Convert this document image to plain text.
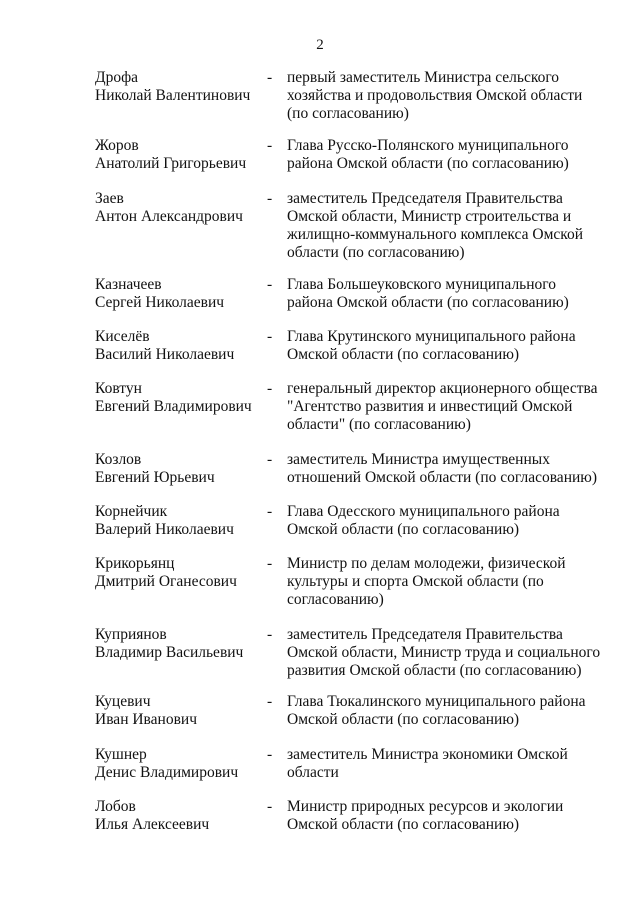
2
Дрофа
Николай Валентинович
- первый заместитель Министра сельского хозяйства и продовольствия Омской области (по согласованию)
Жоров
Анатолий Григорьевич
- Глава Русско-Полянского муниципального района Омской области (по согласованию)
Заев
Антон Александрович
- заместитель Председателя Правительства Омской области, Министр строительства и жилищно-коммунального комплекса Омской области (по согласованию)
Казначеев
Сергей Николаевич
- Глава Большеуковского муниципального района Омской области (по согласованию)
Киселёв
Василий Николаевич
- Глава Крутинского муниципального района Омской области (по согласованию)
Ковтун
Евгений Владимирович
- генеральный директор акционерного общества "Агентство развития и инвестиций Омской области" (по согласованию)
Козлов
Евгений Юрьевич
- заместитель Министра имущественных отношений Омской области (по согласованию)
Корнейчик
Валерий Николаевич
- Глава Одесского муниципального района Омской области (по согласованию)
Крикорьянц
Дмитрий Оганесович
- Министр по делам молодежи, физической культуры и спорта Омской области (по согласованию)
Куприянов
Владимир Васильевич
- заместитель Председателя Правительства Омской области, Министр труда и социального развития Омской области (по согласованию)
Куцевич
Иван Иванович
- Глава Тюкалинского муниципального района Омской области (по согласованию)
Кушнер
Денис Владимирович
- заместитель Министра экономики Омской области
Лобов
Илья Алексеевич
- Министр природных ресурсов и экологии Омской области (по согласованию)
